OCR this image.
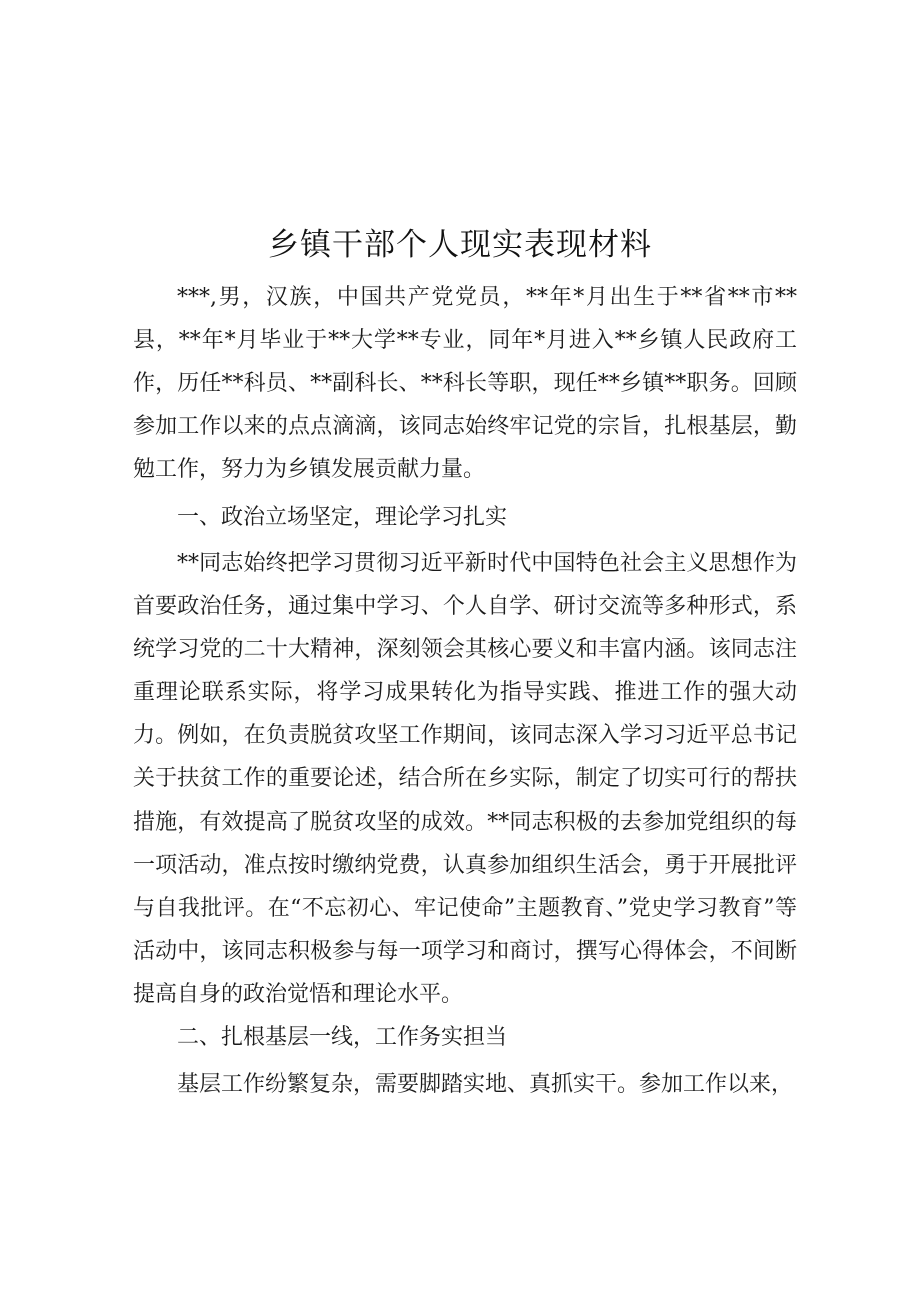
乡镇干部个人现实表现材料

***,男，汉族，中国共产党党员，**年*月出生于**省**市**县，**年*月毕业于**大学**专业，同年*月进入**乡镇人民政府工作，历任**科员、**副科长、**科长等职，现任**乡镇**职务。回顾参加工作以来的点点滴滴，该同志始终牢记党的宗旨，扎根基层，勤勉工作，努力为乡镇发展贡献力量。

一、政治立场坚定，理论学习扎实

**同志始终把学习贯彻习近平新时代中国特色社会主义思想作为首要政治任务，通过集中学习、个人自学、研讨交流等多种形式，系统学习党的二十大精神，深刻领会其核心要义和丰富内涵。该同志注重理论联系实际，将学习成果转化为指导实践、推进工作的强大动力。例如，在负责脱贫攻坚工作期间，该同志深入学习习近平总书记关于扶贫工作的重要论述，结合所在乡实际，制定了切实可行的帮扶措施，有效提高了脱贫攻坚的成效。**同志积极的去参加党组织的每一项活动，准点按时缴纳党费，认真参加组织生活会，勇于开展批评与自我批评。在“不忘初心、牢记使命”主题教育、”党史学习教育”等活动中，该同志积极参与每一项学习和商讨，撰写心得体会，不间断提高自身的政治觉悟和理论水平。

二、扎根基层一线，工作务实担当

基层工作纷繁复杂，需要脚踏实地、真抓实干。参加工作以来，
